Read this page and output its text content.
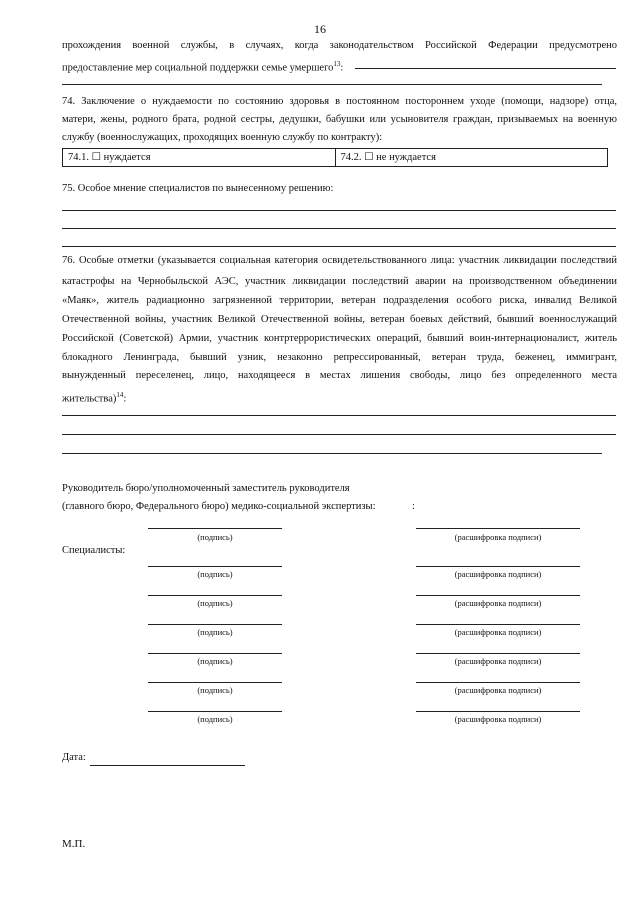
16
прохождения военной службы, в случаях, когда законодательством Российской Федерации предусмотрено
предоставление мер социальной поддержки семье умершего$^{13}$:
74. Заключение о нуждаемости по состоянию здоровья в постоянном постороннем уходе (помощи, надзоре) отца,
матери, жены, родного брата, родной сестры, дедушки, бабушки или усыновителя граждан, призываемых на военную
службу (военнослужащих, проходящих военную службу по контракту):
74.1. ☐ нуждается	74.2. ☐ не нуждается
75. Особое мнение специалистов по вынесенному решению:
76. Особые отметки (указывается социальная категория освидетельствованного лица: участник ликвидации последствий
катастрофы на Чернобыльской АЭС, участник ликвидации последствий аварии на производственном объединении
«Маяк», житель радиационно загрязненной территории, ветеран подразделения особого риска, инвалид Великой
Отечественной войны, участник Великой Отечественной войны, ветеран боевых действий, бывший военнослужащий
Российской (Советской) Армии, участник контртеррористических операций, бывший воин-интернационалист, житель
блокадного Ленинграда, бывший узник, незаконно репрессированный, ветеран труда, беженец, иммигрант,
вынужденный переселенец, лицо, находящееся в местах лишения свободы, лицо без определенного места
жительства)$^{14}$:
Руководитель бюро/уполномоченный заместитель руководителя
(главного бюро, Федерального бюро) медико-социальной экспертизы:	:
(подпись)	(расшифровка подписи)
Специалисты:
(подпись)	(расшифровка подписи)
(подпись)	(расшифровка подписи)
(подпись)	(расшифровка подписи)
(подпись)	(расшифровка подписи)
(подпись)	(расшифровка подписи)
(подпись)	(расшифровка подписи)
Дата:
М.П.
